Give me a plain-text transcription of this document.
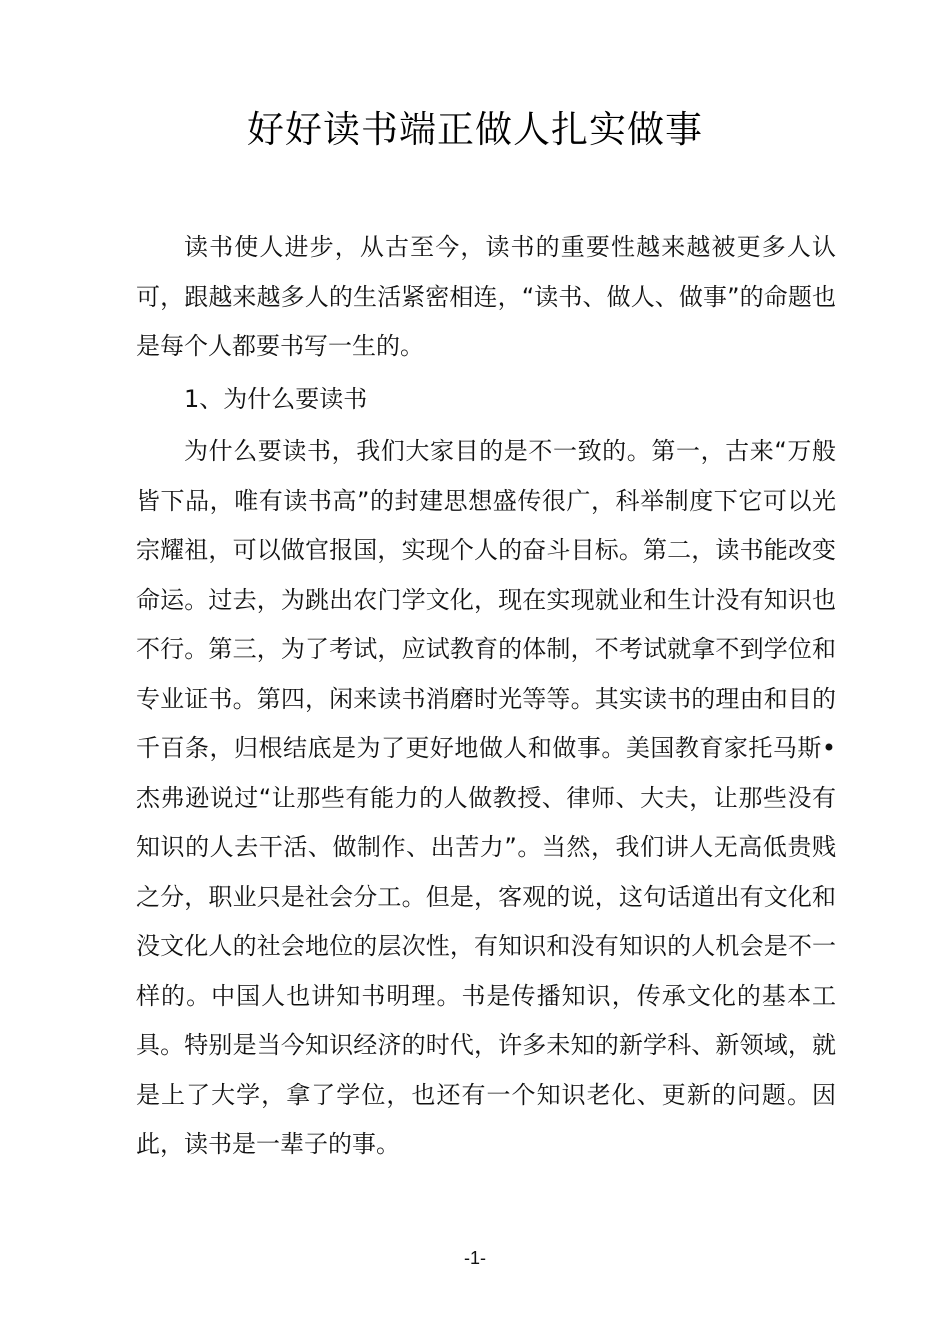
好好读书端正做人扎实做事

读书使人进步，从古至今，读书的重要性越来越被更多人认可，跟越来越多人的生活紧密相连，“读书、做人、做事”的命题也是每个人都要书写一生的。

1、为什么要读书

为什么要读书，我们大家目的是不一致的。第一，古来“万般皆下品，唯有读书高”的封建思想盛传很广，科举制度下它可以光宗耀祖，可以做官报国，实现个人的奋斗目标。第二，读书能改变命运。过去，为跳出农门学文化，现在实现就业和生计没有知识也不行。第三，为了考试，应试教育的体制，不考试就拿不到学位和专业证书。第四，闲来读书消磨时光等等。其实读书的理由和目的千百条，归根结底是为了更好地做人和做事。美国教育家托马斯•杰弗逊说过“让那些有能力的人做教授、律师、大夫，让那些没有知识的人去干活、做制作、出苦力”。当然，我们讲人无高低贵贱之分，职业只是社会分工。但是，客观的说，这句话道出有文化和没文化人的社会地位的层次性，有知识和没有知识的人机会是不一样的。中国人也讲知书明理。书是传播知识，传承文化的基本工具。特别是当今知识经济的时代，许多未知的新学科、新领域，就是上了大学，拿了学位，也还有一个知识老化、更新的问题。因此，读书是一辈子的事。

-1-
